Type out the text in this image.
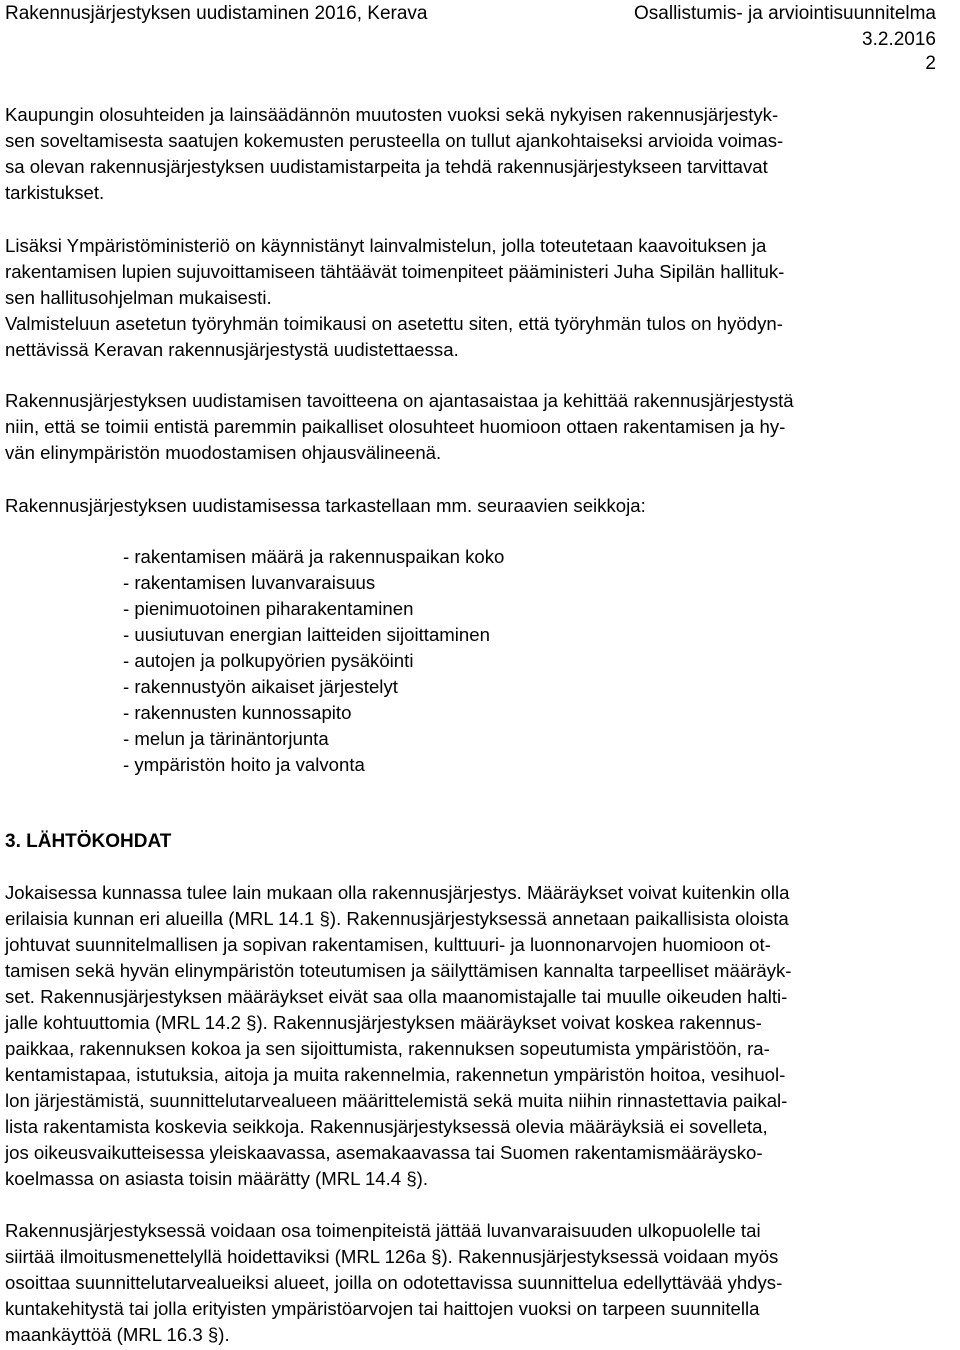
Rakennusjärjestyksen uudistaminen 2016, Kerava	Osallistumis- ja arviointisuunnitelma
3.2.2016
2

Kaupungin olosuhteiden ja lainsäädännön muutosten vuoksi sekä nykyisen rakennusjärjestyk-
sen soveltamisesta saatujen kokemusten perusteella on tullut ajankohtaiseksi arvioida voimas-
sa olevan rakennusjärjestyksen uudistamistarpeita ja tehdä rakennusjärjestykseen tarvittavat
tarkistukset.

Lisäksi Ympäristöministeriö on käynnistänyt lainvalmistelun, jolla toteutetaan kaavoituksen ja
rakentamisen lupien sujuvoittamiseen tähtäävät toimenpiteet pääministeri Juha Sipilän hallituk-
sen hallitusohjelman mukaisesti.
Valmisteluun asetetun työryhmän toimikausi on asetettu siten, että työryhmän tulos on hyödyn-
nettävissä Keravan rakennusjärjestystä uudistettaessa.

Rakennusjärjestyksen uudistamisen tavoitteena on ajantasaistaa ja kehittää rakennusjärjestystä
niin, että se toimii entistä paremmin paikalliset olosuhteet huomioon ottaen rakentamisen ja hy-
vän elinympäristön muodostamisen ohjausvälineenä.

Rakennusjärjestyksen uudistamisessa tarkastellaan mm. seuraavien seikkoja:

- rakentamisen määrä ja rakennuspaikan koko
- rakentamisen luvanvaraisuus
- pienimuotoinen piharakentaminen
- uusiutuvan energian laitteiden sijoittaminen
- autojen ja polkupyörien pysäköinti
- rakennustyön aikaiset järjestelyt
- rakennusten kunnossapito
- melun ja tärinäntorjunta
- ympäristön hoito ja valvonta
3. LÄHTÖKOHDAT

Jokaisessa kunnassa tulee lain mukaan olla rakennusjärjestys. Määräykset voivat kuitenkin olla
erilaisia kunnan eri alueilla (MRL 14.1 §). Rakennusjärjestyksessä annetaan paikallisista oloista
johtuvat suunnitelmallisen ja sopivan rakentamisen, kulttuuri- ja luonnonarvojen huomioon ot-
tamisen sekä hyvän elinympäristön toteutumisen ja säilyttämisen kannalta tarpeelliset määräyk-
set. Rakennusjärjestyksen määräykset eivät saa olla maanomistajalle tai muulle oikeuden halti-
jalle kohtuuttomia (MRL 14.2 §). Rakennusjärjestyksen määräykset voivat koskea rakennus-
paikkaa, rakennuksen kokoa ja sen sijoittumista, rakennuksen sopeutumista ympäristöön, ra-
kentamistapaa, istutuksia, aitoja ja muita rakennelmia, rakennetun ympäristön hoitoa, vesihuol-
lon järjestämistä, suunnittelutarvealueen määrittelemistä sekä muita niihin rinnastettavia paikal-
lista rakentamista koskevia seikkoja. Rakennusjärjestyksessä olevia määräyksiä ei sovelleta,
jos oikeusvaikutteisessa yleiskaavassa, asemakaavassa tai Suomen rakentamismääräysko-
koelmassa on asiasta toisin määrätty (MRL 14.4 §).

Rakennusjärjestyksessä voidaan osa toimenpiteistä jättää luvanvaraisuuden ulkopuolelle tai
siirtää ilmoitusmenettelyllä hoidettaviksi (MRL 126a §). Rakennusjärjestyksessä voidaan myös
osoittaa suunnittelutarvealueiksi alueet, joilla on odotettavissa suunnittelua edellyttävää yhdys-
kuntakehitystä tai jolla erityisten ympäristöarvojen tai haittojen vuoksi on tarpeen suunnitella
maankäyttöä (MRL 16.3 §).
